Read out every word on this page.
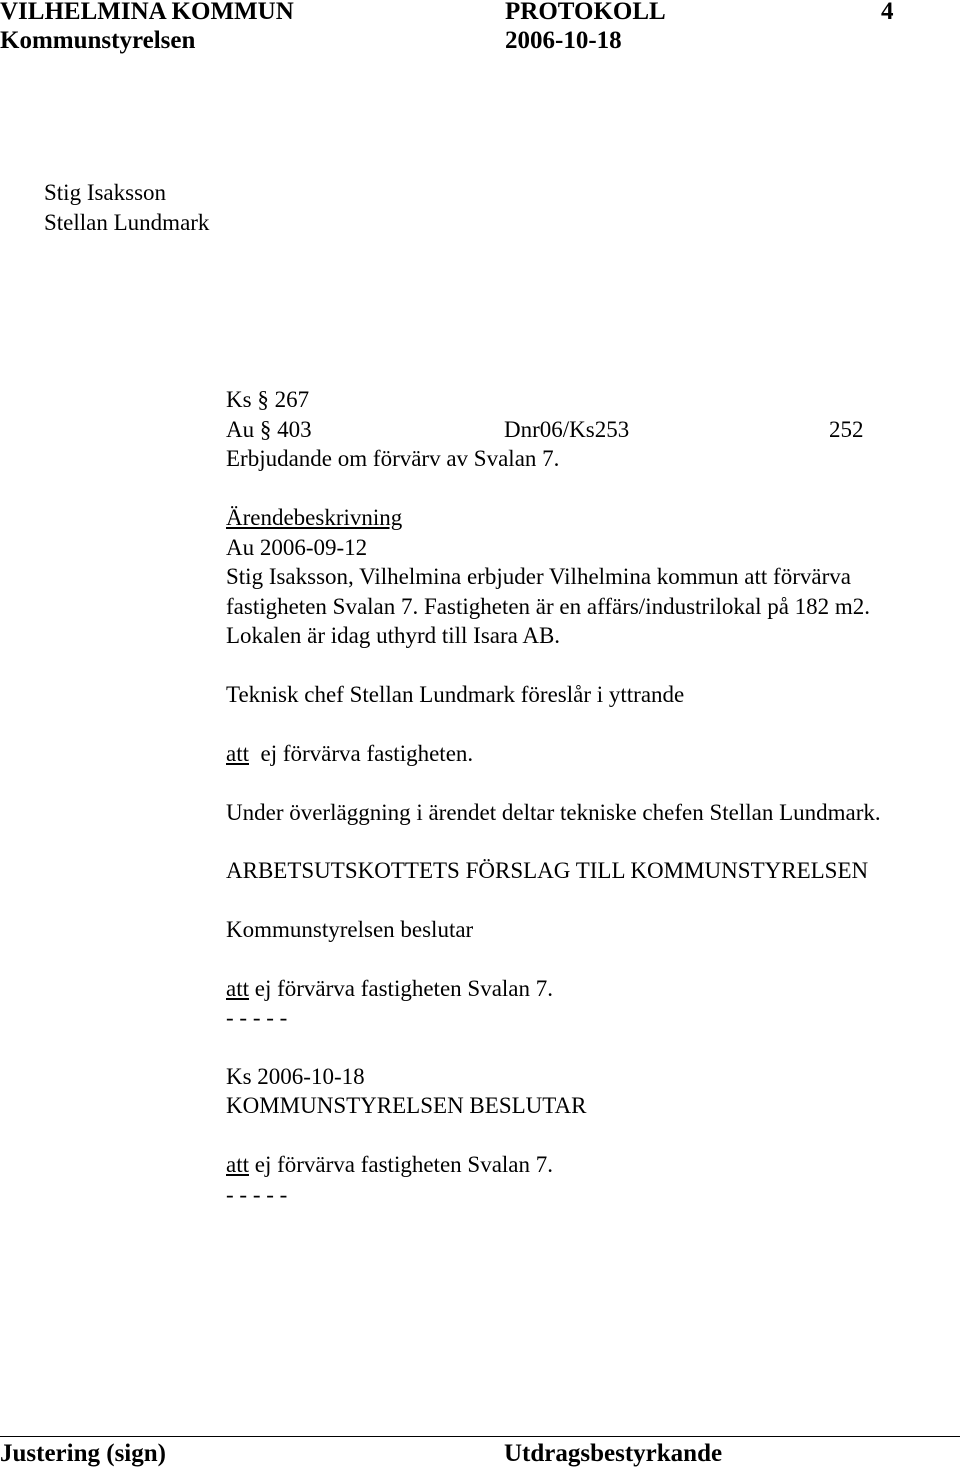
VILHELMINA KOMMUN	PROTOKOLL	4
Kommunstyrelsen	2006-10-18
Stig Isaksson
Stellan Lundmark
Ks § 267
Au § 403	Dnr06/Ks253	252
Erbjudande om förvärv av Svalan 7.
Ärendebeskrivning
Au 2006-09-12
Stig Isaksson, Vilhelmina erbjuder Vilhelmina kommun att förvärva
fastigheten Svalan 7. Fastigheten är en affärs/industrilokal på 182 m2.
Lokalen är idag uthyrd till Isara AB.
Teknisk chef Stellan Lundmark föreslår i yttrande
att ej förvärva fastigheten.
Under överläggning i ärendet deltar tekniske chefen Stellan Lundmark.
ARBETSUTSKOTTETS FÖRSLAG TILL KOMMUNSTYRELSEN
Kommunstyrelsen beslutar
att ej förvärva fastigheten Svalan 7.
- - - - -
Ks 2006-10-18
KOMMUNSTYRELSEN BESLUTAR
att ej förvärva fastigheten Svalan 7.
- - - - -
Justering (sign)	Utdragsbestyrkande
